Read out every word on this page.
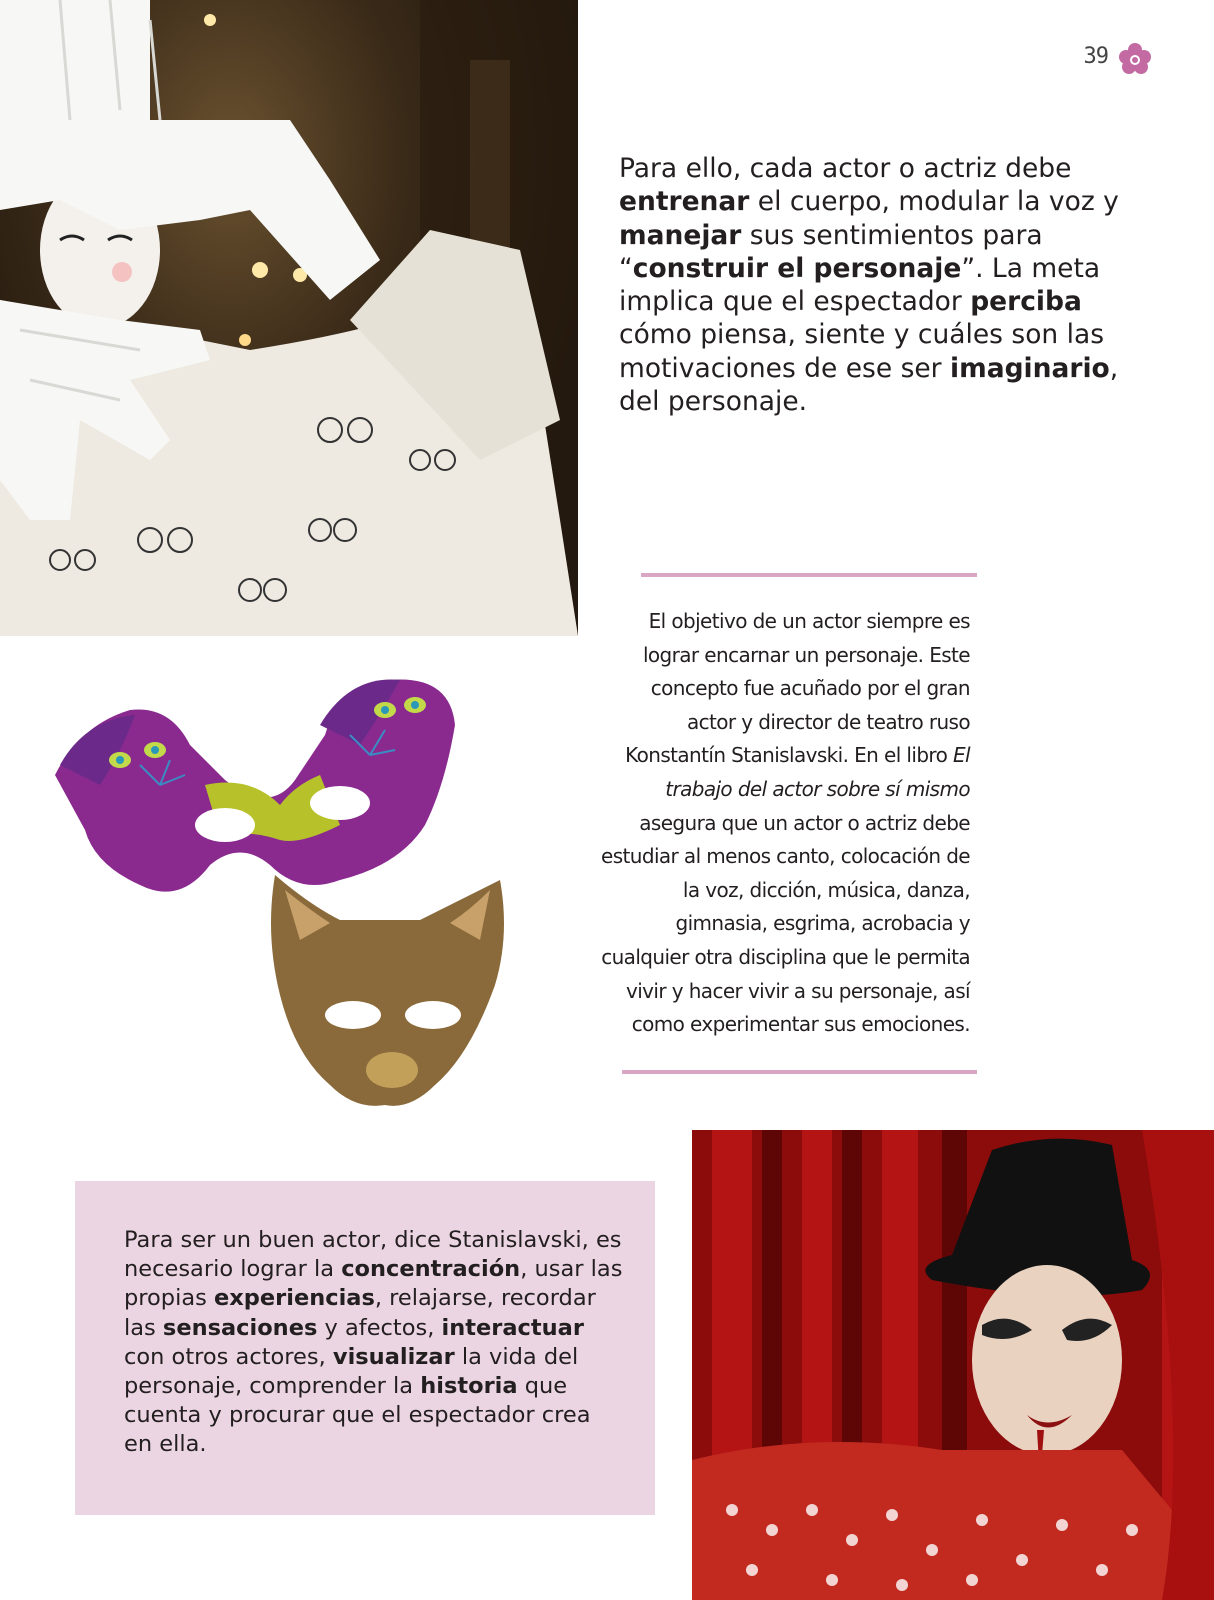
39
Para ello, cada actor o actriz debe entrenar el cuerpo, modular la voz y manejar sus sentimientos para “construir el personaje”. La meta implica que el espectador perciba cómo piensa, siente y cuáles son las motivaciones de ese ser imaginario, del personaje.
El objetivo de un actor siempre es lograr encarnar un personaje. Este concepto fue acuñado por el gran actor y director de teatro ruso Konstantín Stanislavski. En el libro El trabajo del actor sobre sí mismo asegura que un actor o actriz debe estudiar al menos canto, colocación de la voz, dicción, música, danza, gimnasia, esgrima, acrobacia y cualquier otra disciplina que le permita vivir y hacer vivir a su personaje, así como experimentar sus emociones.
Para ser un buen actor, dice Stanislavski, es necesario lograr la concentración, usar las propias experiencias, relajarse, recordar las sensaciones y afectos, interactuar con otros actores, visualizar la vida del personaje, comprender la historia que cuenta y procurar que el espectador crea en ella.
